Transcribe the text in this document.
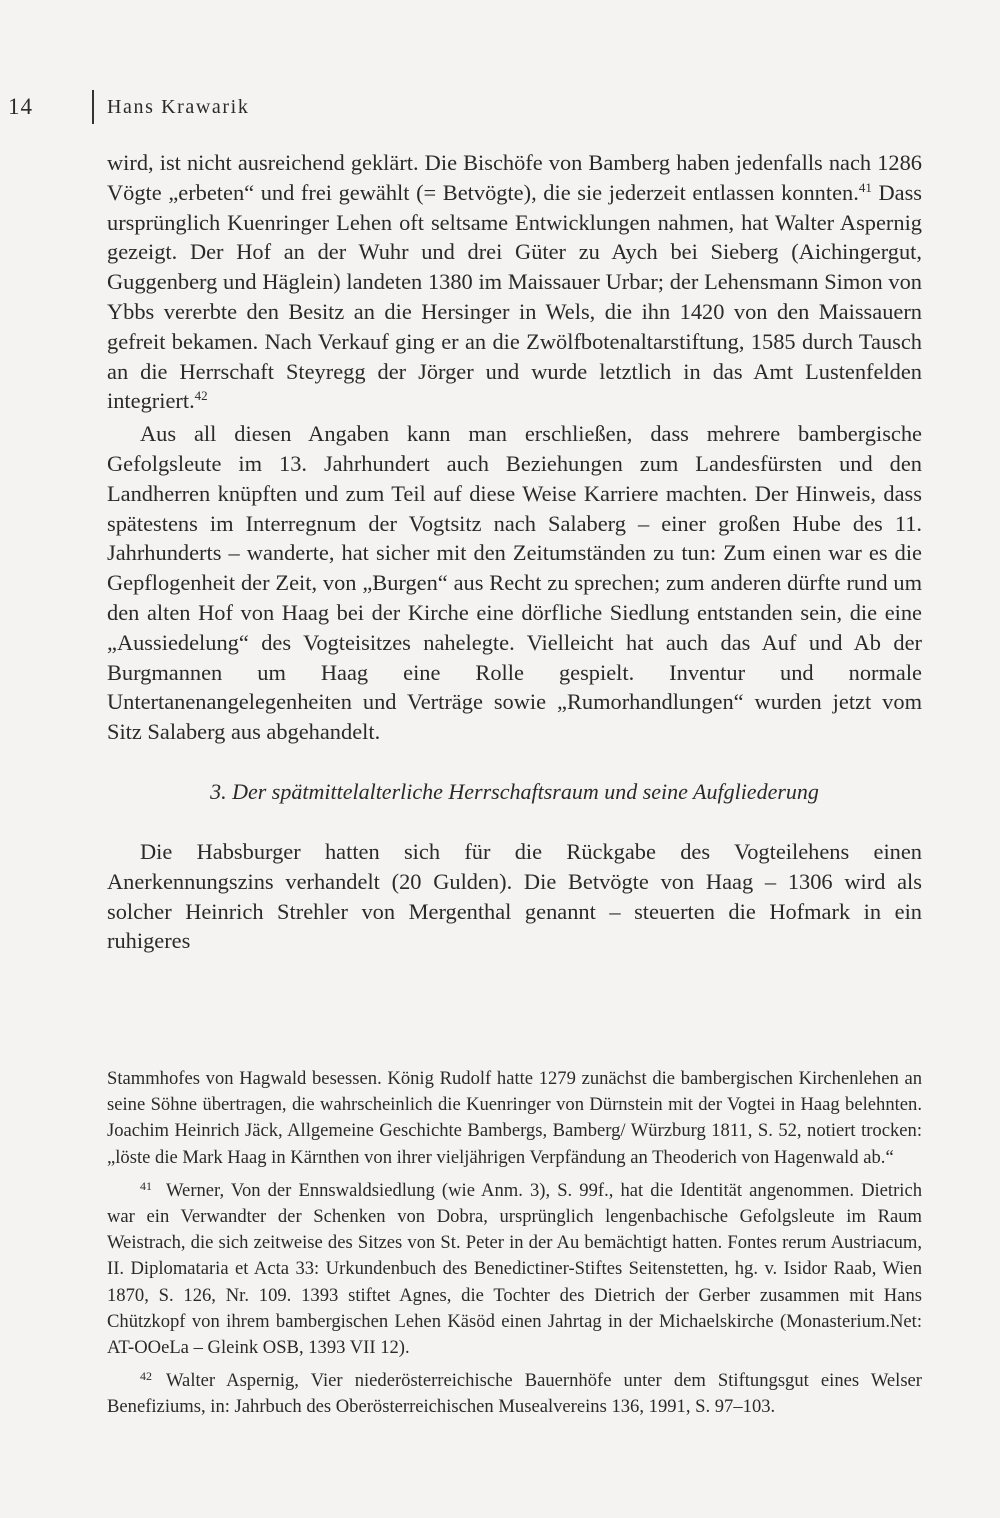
14	Hans Krawarik

wird, ist nicht ausreichend geklärt. Die Bischöfe von Bamberg haben jedenfalls nach 1286 Vögte „erbeten“ und frei gewählt (= Betvögte), die sie jederzeit entlassen konnten.$^{41}$ Dass ursprünglich Kuenringer Lehen oft seltsame Entwicklungen nahmen, hat Walter Aspernig gezeigt. Der Hof an der Wuhr und drei Güter zu Aych bei Sieberg (Aichingergut, Guggenberg und Häglein) landeten 1380 im Maissauer Urbar; der Lehensmann Simon von Ybbs vererbte den Besitz an die Hersinger in Wels, die ihn 1420 von den Maissauern gefreit bekamen. Nach Verkauf ging er an die Zwölfbotenaltarstiftung, 1585 durch Tausch an die Herrschaft Steyregg der Jörger und wurde letztlich in das Amt Lustenfelden integriert.$^{42}$

Aus all diesen Angaben kann man erschließen, dass mehrere bambergische Gefolgsleute im 13. Jahrhundert auch Beziehungen zum Landesfürsten und den Landherren knüpften und zum Teil auf diese Weise Karriere machten. Der Hinweis, dass spätestens im Interregnum der Vogtsitz nach Salaberg – einer großen Hube des 11. Jahrhunderts – wanderte, hat sicher mit den Zeitumständen zu tun: Zum einen war es die Gepflogenheit der Zeit, von „Burgen“ aus Recht zu sprechen; zum anderen dürfte rund um den alten Hof von Haag bei der Kirche eine dörfliche Siedlung entstanden sein, die eine „Aussiedelung“ des Vogteisitzes nahelegte. Vielleicht hat auch das Auf und Ab der Burgmannen um Haag eine Rolle gespielt. Inventur und normale Untertanenangelegenheiten und Verträge sowie „Rumorhandlungen“ wurden jetzt vom Sitz Salaberg aus abgehandelt.

3. Der spätmittelalterliche Herrschaftsraum und seine Aufgliederung

Die Habsburger hatten sich für die Rückgabe des Vogteilehens einen Anerkennungszins verhandelt (20 Gulden). Die Betvögte von Haag – 1306 wird als solcher Heinrich Strehler von Mergenthal genannt – steuerten die Hofmark in ein ruhigeres

Stammhofes von Hagwald besessen. König Rudolf hatte 1279 zunächst die bambergischen Kirchenlehen an seine Söhne übertragen, die wahrscheinlich die Kuenringer von Dürnstein mit der Vogtei in Haag belehnten. Joachim Heinrich Jäck, Allgemeine Geschichte Bambergs, Bamberg/ Würzburg 1811, S. 52, notiert trocken: „löste die Mark Haag in Kärnthen von ihrer vieljährigen Verpfändung an Theoderich von Hagenwald ab.“

$^{41}$ Werner, Von der Ennswaldsiedlung (wie Anm. 3), S. 99f., hat die Identität angenommen. Dietrich war ein Verwandter der Schenken von Dobra, ursprünglich lengenbachische Gefolgsleute im Raum Weistrach, die sich zeitweise des Sitzes von St. Peter in der Au bemächtigt hatten. Fontes rerum Austriacum, II. Diplomataria et Acta 33: Urkundenbuch des Benedictiner-Stiftes Seitenstetten, hg. v. Isidor Raab, Wien 1870, S. 126, Nr. 109. 1393 stiftet Agnes, die Tochter des Dietrich der Gerber zusammen mit Hans Chützkopf von ihrem bambergischen Lehen Käsöd einen Jahrtag in der Michaelskirche (Monasterium.Net: AT-OOeLa – Gleink OSB, 1393 VII 12).

$^{42}$ Walter Aspernig, Vier niederösterreichische Bauernhöfe unter dem Stiftungsgut eines Welser Benefiziums, in: Jahrbuch des Oberösterreichischen Musealvereins 136, 1991, S. 97–103.
